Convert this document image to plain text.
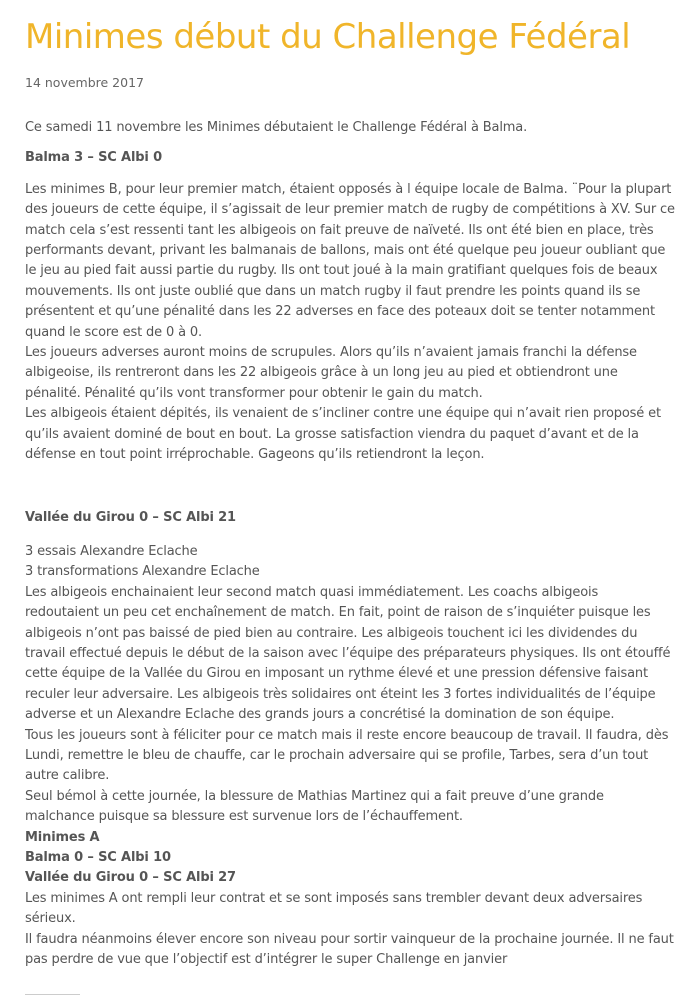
Minimes début du Challenge Fédéral
14 novembre 2017

Ce samedi 11 novembre les Minimes débutaient le Challenge Fédéral à Balma.

Balma 3 – SC Albi 0

Les minimes B, pour leur premier match, étaient opposés à l équipe locale de Balma. ¨Pour la plupart des joueurs de cette équipe, il s’agissait de leur premier match de rugby de compétitions à XV. Sur ce match cela s’est ressenti tant les albigeois on fait preuve de naïveté. Ils ont été bien en place, très performants devant, privant les balmanais de ballons, mais ont été quelque peu joueur oubliant que le jeu au pied fait aussi partie du rugby. Ils ont tout joué à la main gratifiant quelques fois de beaux mouvements. Ils ont juste oublié que dans un match rugby il faut prendre les points quand ils se présentent et qu’une pénalité dans les 22 adverses en face des poteaux doit se tenter notamment quand le score est de 0 à 0.

Les joueurs adverses auront moins de scrupules. Alors qu’ils n’avaient jamais franchi la défense albigeoise, ils rentreront dans les 22 albigeois grâce à un long jeu au pied et obtiendront une pénalité. Pénalité qu’ils vont transformer pour obtenir le gain du match.

Les albigeois étaient dépités, ils venaient de s’incliner contre une équipe qui n’avait rien proposé et qu’ils avaient dominé de bout en bout. La grosse satisfaction viendra du paquet d’avant et de la défense en tout point irréprochable. Gageons qu’ils retiendront la leçon.

Vallée du Girou 0 – SC Albi 21

3 essais Alexandre Eclache

3 transformations Alexandre Eclache

Les albigeois enchainaient leur second match quasi immédiatement. Les coachs albigeois redoutaient un peu cet enchaînement de match. En fait, point de raison de s’inquiéter puisque les albigeois n’ont pas baissé de pied bien au contraire. Les albigeois touchent ici les dividendes du travail effectué depuis le début de la saison avec l’équipe des préparateurs physiques. Ils ont étouffé cette équipe de la Vallée du Girou en imposant un rythme élevé et une pression défensive faisant reculer leur adversaire. Les albigeois très solidaires ont éteint les 3 fortes individualités de l’équipe adverse et un Alexandre Eclache des grands jours a concrétisé la domination de son équipe.

Tous les joueurs sont à féliciter pour ce match mais il reste encore beaucoup de travail. Il faudra, dès Lundi, remettre le bleu de chauffe, car le prochain adversaire qui se profile, Tarbes, sera d’un tout autre calibre.

Seul bémol à cette journée, la blessure de Mathias Martinez qui a fait preuve d’une grande malchance puisque sa blessure est survenue lors de l’échauffement.

Minimes A

Balma 0 – SC Albi 10

Vallée du Girou 0 – SC Albi 27

Les minimes A ont rempli leur contrat et se sont imposés sans trembler devant deux adversaires sérieux.

Il faudra néanmoins élever encore son niveau pour sortir vainqueur de la prochaine journée. Il ne faut pas perdre de vue que l’objectif est d’intégrer le super Challenge en janvier
